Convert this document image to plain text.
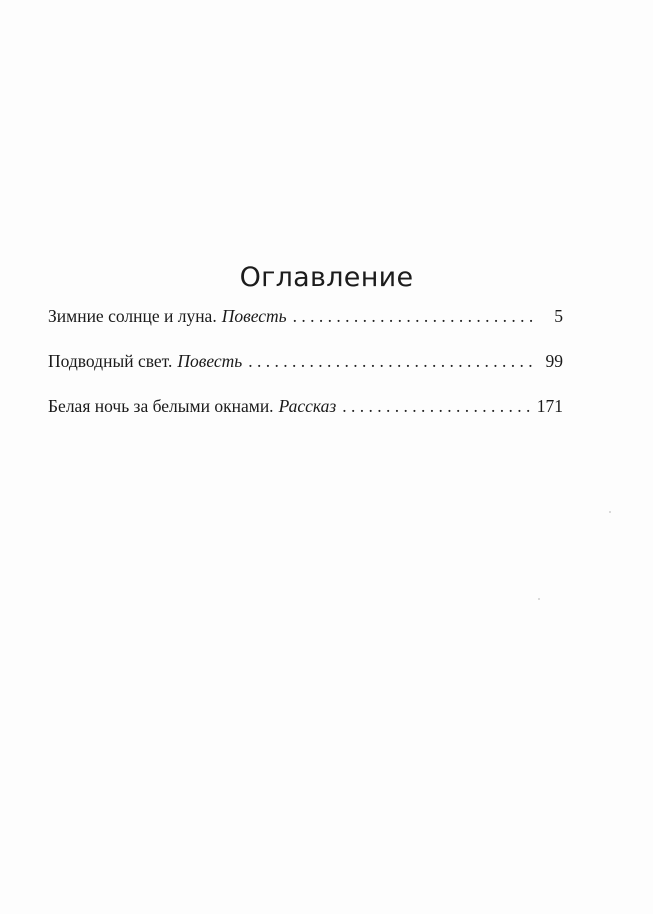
Оглавление
Зимние солнце и луна. Повесть . . .	5
Подводный свет. Повесть . . .	99
Белая ночь за белыми окнами. Рассказ . . .	171
